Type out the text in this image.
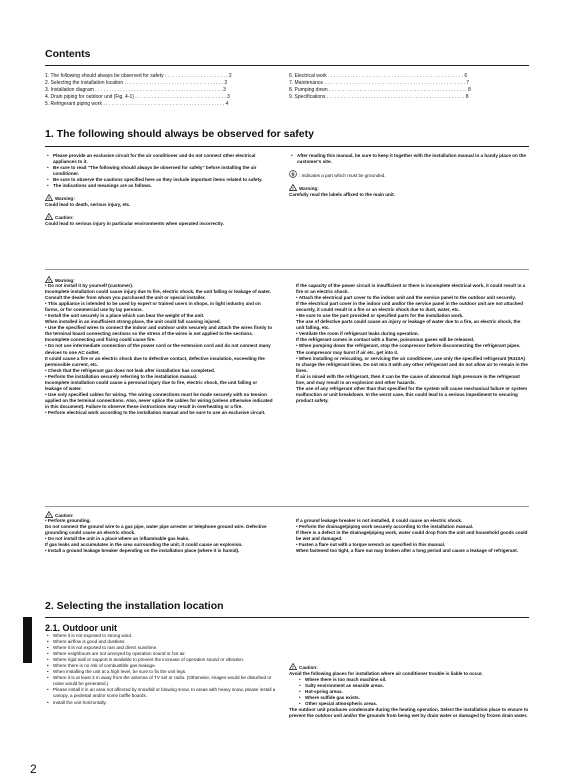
Contents
1. The following should always be observed for safety . . . . . . . . . . . . . . . . . . . . . . . 2
2. Selecting the installation location . . . . . . . . . . . . . . . . . . . . . . . . . . . . . . . . . . . . 2
3. Installation diagram . . . . . . . . . . . . . . . . . . . . . . . . . . . . . . . . . . . . . . . . . . . . . . 3
4. Drain piping for outdoor unit (Fig. 4-1) . . . . . . . . . . . . . . . . . . . . . . . . . . . . . . . . . 3
5. Refrigerant piping work . . . . . . . . . . . . . . . . . . . . . . . . . . . . . . . . . . . . . . . . . . . . 4
6. Electrical work . . . . . . . . . . . . . . . . . . . . . . . . . . . . . . . . . . . . . . . . . . . . . . . . . 6
7. Maintenance . . . . . . . . . . . . . . . . . . . . . . . . . . . . . . . . . . . . . . . . . . . . . . . . . . . 7
8. Pumping down . . . . . . . . . . . . . . . . . . . . . . . . . . . . . . . . . . . . . . . . . . . . . . . . . . 8
9. Specifications . . . . . . . . . . . . . . . . . . . . . . . . . . . . . . . . . . . . . . . . . . . . . . . . . . 8
1. The following should always be observed for safety
• Please provide an exclusive circuit for the air conditioner and do not connect other electrical appliances to it.
• Be sure to read "The following should always be observed for safety" before installing the air conditioner.
• Be sure to observe the cautions specified here as they include important items related to safety.
• The indications and meanings are as follows.
! Warning:
Could lead to death, serious injury, etc.
! Caution:
Could lead to serious injury in particular environments when operated incorrectly.
• After reading this manual, be sure to keep it together with the installation manual in a handy place on the customer's site.
: Indicates a part which must be grounded.
! Warning:
Carefully read the labels affixed to the main unit.
! Warning:
• Do not install it by yourself (customer).
Incomplete installation could cause injury due to fire, electric shock, the unit falling or leakage of water. Consult the dealer from whom you purchased the unit or special installer.
• This appliance is intended to be used by expert or trained users in shops, in light industry and on farms, or for commercial use by lay persons.
• Install the unit securely in a place which can bear the weight of the unit.
When installed in an insufficient strong place, the unit could fall causing injured.
• Use the specified wires to connect the indoor and outdoor units securely and attach the wires firmly to the terminal board connecting sections so the stress of the wires is not applied to the sections.
Incomplete connecting and fixing could cause fire.
• Do not use intermediate connection of the power cord or the extension cord and do not connect many devices to one AC outlet.
It could cause a fire or an electric shock due to defective contact, defective insulation, exceeding the permissible current, etc.
• Check that the refrigerant gas does not leak after installation has completed.
• Perform the installation securely referring to the installation manual.
Incomplete installation could cause a personal injury due to fire, electric shock, the unit falling or leakage of water.
• Use only specified cables for wiring. The wiring connections must be made securely with no tension applied on the terminal connections. Also, never splice the cables for wiring (unless otherwise indicated in this document). Failure to observe these instructions may result in overheating or a fire.
• Perform electrical work according to the installation manual and be sure to use an exclusive circuit.
If the capacity of the power circuit is insufficient or there is incomplete electrical work, it could result in a fire or an electric shock.
• Attach the electrical part cover to the indoor unit and the service panel to the outdoor unit securely.
If the electrical part cover in the indoor unit and/or the service panel in the outdoor unit are not attached securely, it could result in a fire or an electric shock due to dust, water, etc.
• Be sure to use the part provided or specified parts for the installation work.
The use of defective parts could cause an injury or leakage of water due to a fire, an electric shock, the unit falling, etc.
• Ventilate the room if refrigerant leaks during operation.
If the refrigerant comes in contact with a flame, poisonous gases will be released.
• When pumping down the refrigerant, stop the compressor before disconnecting the refrigerant pipes. The compressor may burst if air etc. get into it.
• When installing or relocating, or servicing the air conditioner, use only the specified refrigerant (R410A) to charge the refrigerant lines. Do not mix it with any other refrigerant and do not allow air to remain in the lines.
If air is mixed with the refrigerant, then it can be the cause of abnormal high pressure in the refrigerant line, and may result in an explosion and other hazards.
The use of any refrigerant other than that specified for the system will cause mechanical failure or system malfunction or unit breakdown. In the worst case, this could lead to a serious impediment to securing product safety.
! Caution:
• Perform grounding.
Do not connect the ground wire to a gas pipe, water pipe arrester or telephone ground wire. Defective grounding could cause an electric shock.
• Do not install the unit in a place where an inflammable gas leaks.
If gas leaks and accumulates in the area surrounding the unit, it could cause an explosion.
• Install a ground leakage breaker depending on the installation place (where it is humid).
If a ground leakage breaker is not installed, it could cause an electric shock.
• Perform the drainage/piping work securely according to the installation manual.
If there is a defect in the drainage/piping work, water could drop from the unit and household goods could be wet and damaged.
• Fasten a flare nut with a torque wrench as specified in this manual.
When fastened too tight, a flare nut may broken after a long period and cause a leakage of refrigerant.
2. Selecting the installation location
2.1. Outdoor unit
• Where it is not exposed to strong wind.
• Where airflow is good and dustless.
• Where it is not exposed to rain and direct sunshine.
• Where neighbours are not annoyed by operation sound or hot air.
• Where rigid wall or support is available to prevent the increase of operation sound or vibration.
• Where there is no risk of combustible gas leakage.
• When installing the unit at a high level, be sure to fix the unit legs.
• Where it is at least 3 m away from the antenna of TV set or radio. (Otherwise, images would be disturbed or noise would be generated.)
• Please install it in an area not affected by snowfall or blowing snow. In areas with heavy snow, please install a canopy, a pedestal and/or some baffle boards.
• Install the unit horizontally.
! Caution:
Avoid the following places for installation where air conditioner trouble is liable to occur.
• Where there is too much machine oil.
• Salty environment as seaside areas.
• Hot-spring areas.
• Where sulfide gas exists.
• Other special atmospheric areas.
The outdoor unit produces condensate during the heating operation. Select the installation place to ensure to prevent the outdoor unit and/or the grounds from being wet by drain water or damaged by frozen drain water.
2
